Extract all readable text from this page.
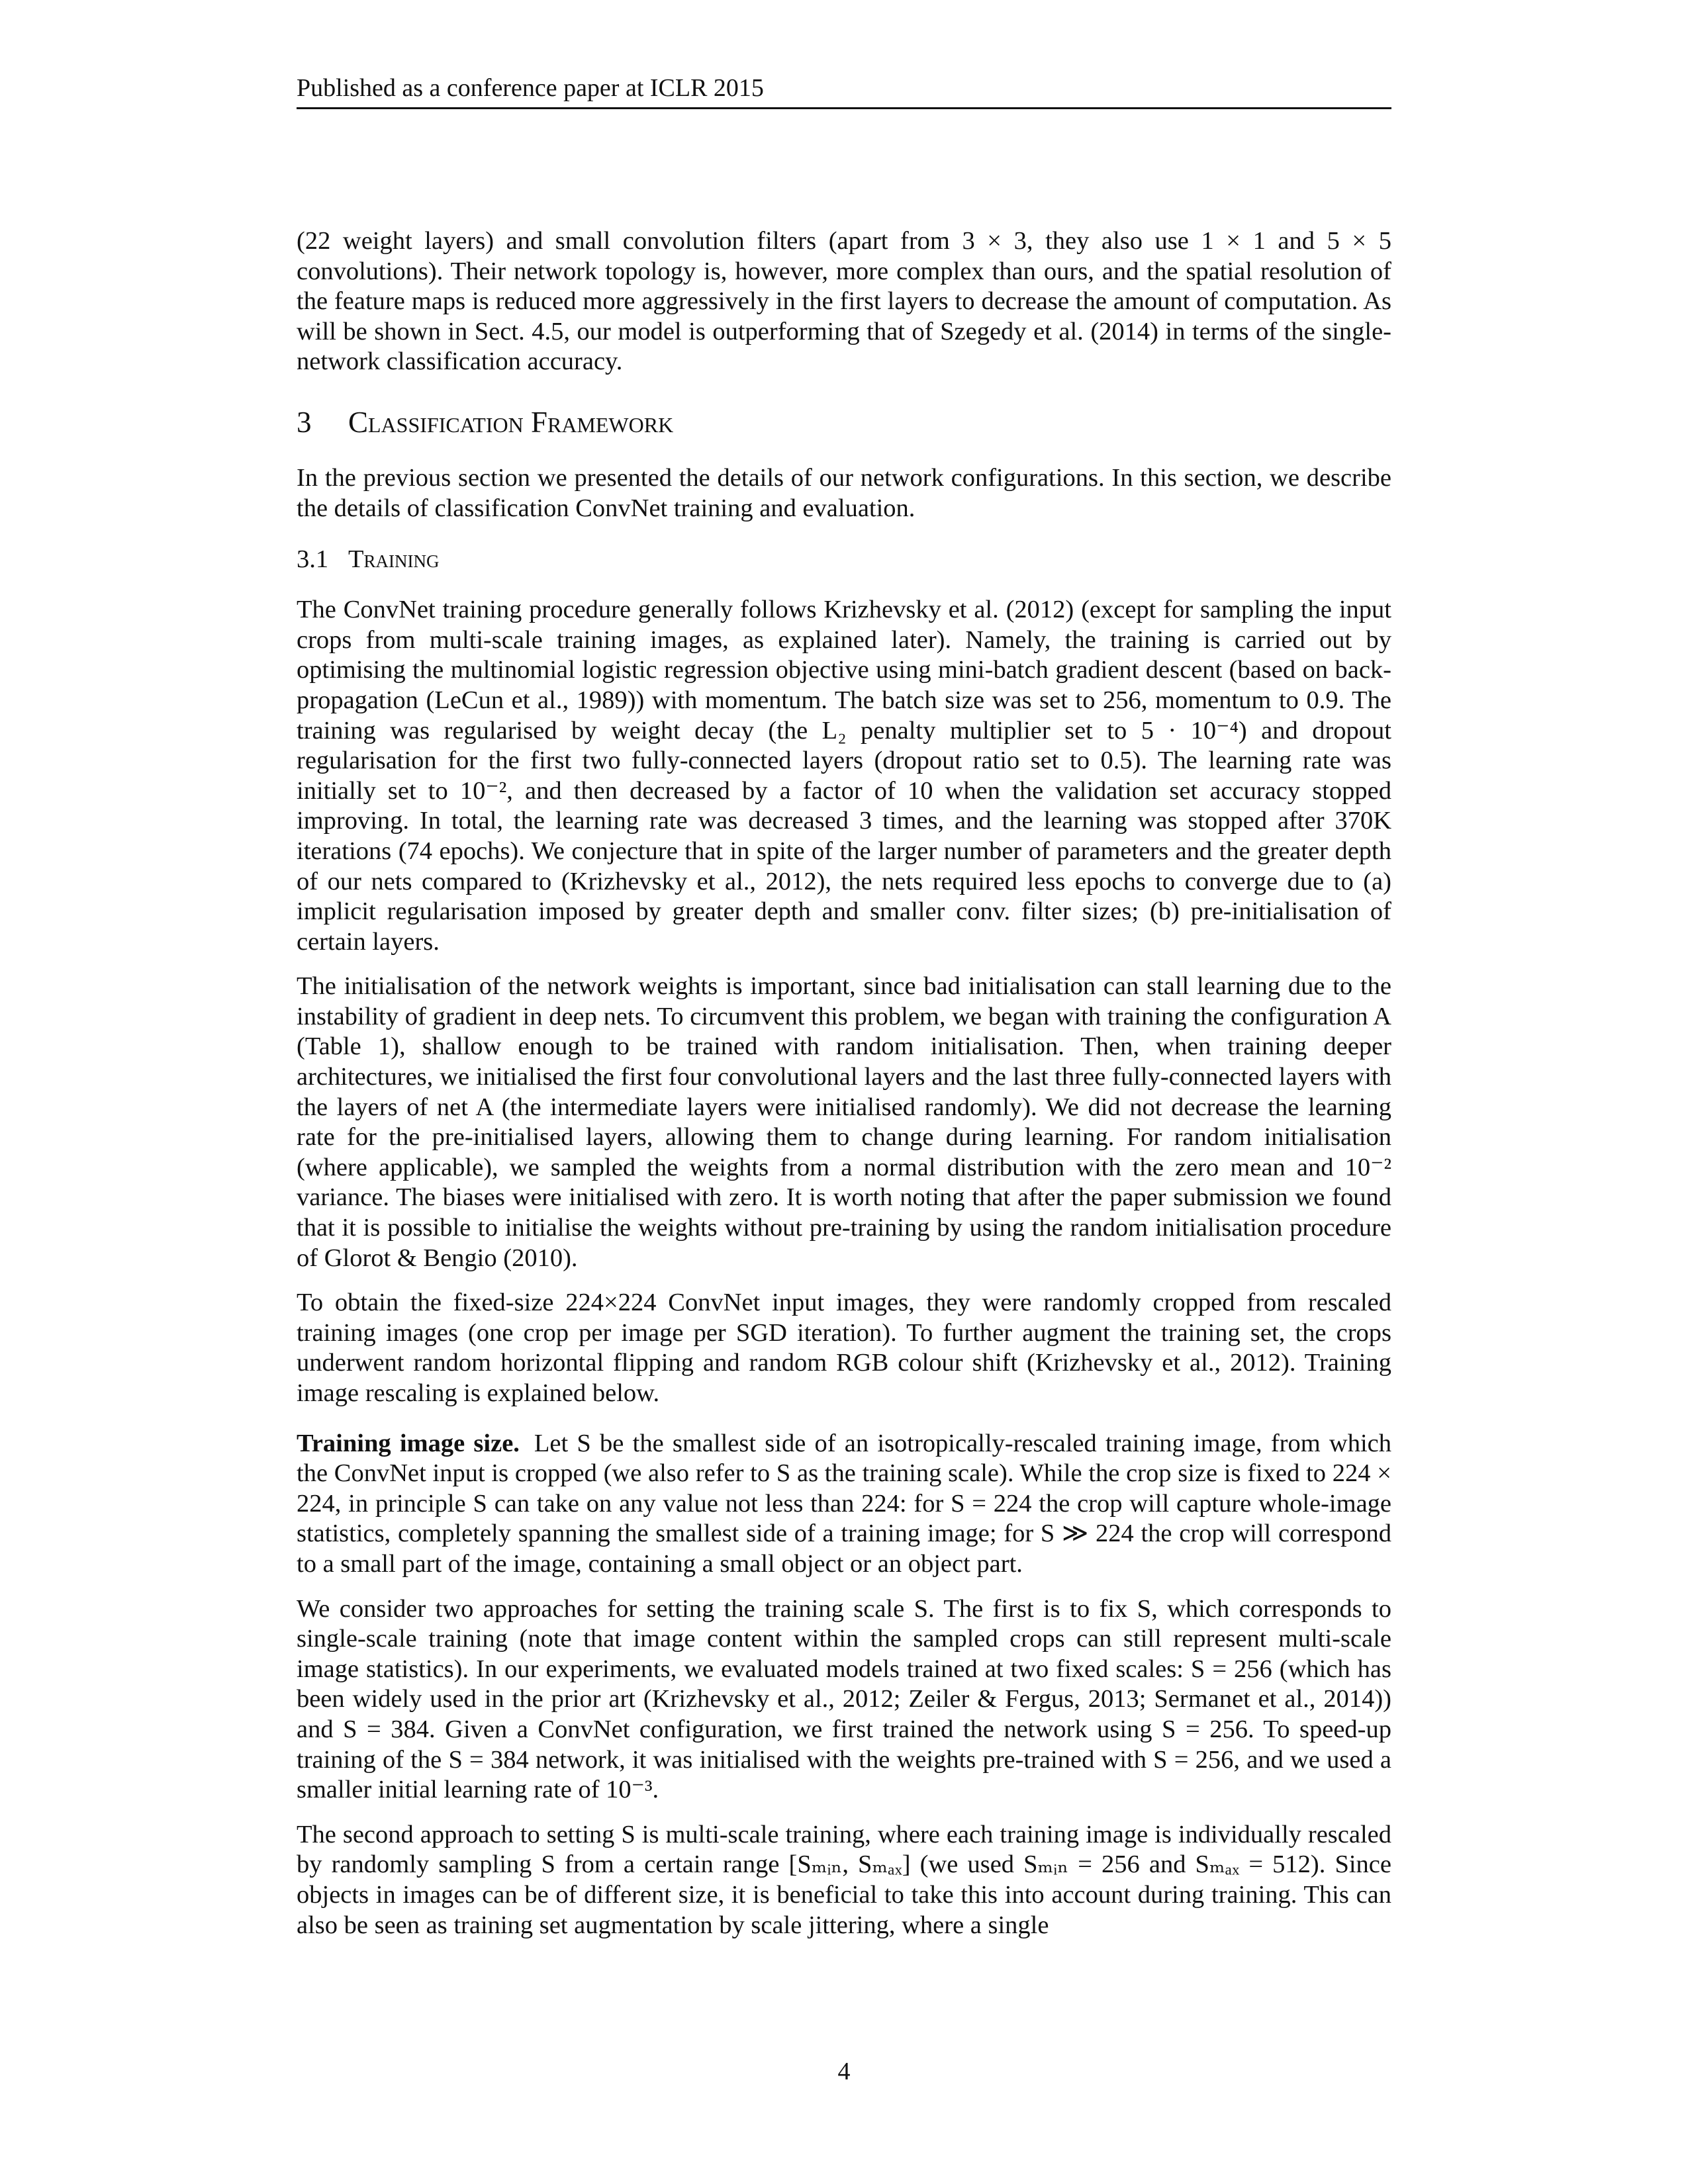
Published as a conference paper at ICLR 2015

(22 weight layers) and small convolution filters (apart from 3 × 3, they also use 1 × 1 and 5 × 5 convolutions). Their network topology is, however, more complex than ours, and the spatial resolution of the feature maps is reduced more aggressively in the first layers to decrease the amount of computation. As will be shown in Sect. 4.5, our model is outperforming that of Szegedy et al. (2014) in terms of the single-network classification accuracy.

3 Classification Framework

In the previous section we presented the details of our network configurations. In this section, we describe the details of classification ConvNet training and evaluation.

3.1 Training

The ConvNet training procedure generally follows Krizhevsky et al. (2012) (except for sampling the input crops from multi-scale training images, as explained later). Namely, the training is carried out by optimising the multinomial logistic regression objective using mini-batch gradient descent (based on back-propagation (LeCun et al., 1989)) with momentum. The batch size was set to 256, momentum to 0.9. The training was regularised by weight decay (the L₂ penalty multiplier set to 5 · 10⁻⁴) and dropout regularisation for the first two fully-connected layers (dropout ratio set to 0.5). The learning rate was initially set to 10⁻², and then decreased by a factor of 10 when the validation set accuracy stopped improving. In total, the learning rate was decreased 3 times, and the learning was stopped after 370K iterations (74 epochs). We conjecture that in spite of the larger number of parameters and the greater depth of our nets compared to (Krizhevsky et al., 2012), the nets required less epochs to converge due to (a) implicit regularisation imposed by greater depth and smaller conv. filter sizes; (b) pre-initialisation of certain layers.

The initialisation of the network weights is important, since bad initialisation can stall learning due to the instability of gradient in deep nets. To circumvent this problem, we began with training the configuration A (Table 1), shallow enough to be trained with random initialisation. Then, when training deeper architectures, we initialised the first four convolutional layers and the last three fully-connected layers with the layers of net A (the intermediate layers were initialised randomly). We did not decrease the learning rate for the pre-initialised layers, allowing them to change during learning. For random initialisation (where applicable), we sampled the weights from a normal distribution with the zero mean and 10⁻² variance. The biases were initialised with zero. It is worth noting that after the paper submission we found that it is possible to initialise the weights without pre-training by using the random initialisation procedure of Glorot & Bengio (2010).

To obtain the fixed-size 224×224 ConvNet input images, they were randomly cropped from rescaled training images (one crop per image per SGD iteration). To further augment the training set, the crops underwent random horizontal flipping and random RGB colour shift (Krizhevsky et al., 2012). Training image rescaling is explained below.

Training image size. Let S be the smallest side of an isotropically-rescaled training image, from which the ConvNet input is cropped (we also refer to S as the training scale). While the crop size is fixed to 224 × 224, in principle S can take on any value not less than 224: for S = 224 the crop will capture whole-image statistics, completely spanning the smallest side of a training image; for S ≫ 224 the crop will correspond to a small part of the image, containing a small object or an object part.

We consider two approaches for setting the training scale S. The first is to fix S, which corresponds to single-scale training (note that image content within the sampled crops can still represent multi-scale image statistics). In our experiments, we evaluated models trained at two fixed scales: S = 256 (which has been widely used in the prior art (Krizhevsky et al., 2012; Zeiler & Fergus, 2013; Sermanet et al., 2014)) and S = 384. Given a ConvNet configuration, we first trained the network using S = 256. To speed-up training of the S = 384 network, it was initialised with the weights pre-trained with S = 256, and we used a smaller initial learning rate of 10⁻³.

The second approach to setting S is multi-scale training, where each training image is individually rescaled by randomly sampling S from a certain range [Sₘᵢₙ, Sₘₐₓ] (we used Sₘᵢₙ = 256 and Sₘₐₓ = 512). Since objects in images can be of different size, it is beneficial to take this into account during training. This can also be seen as training set augmentation by scale jittering, where a single

4
